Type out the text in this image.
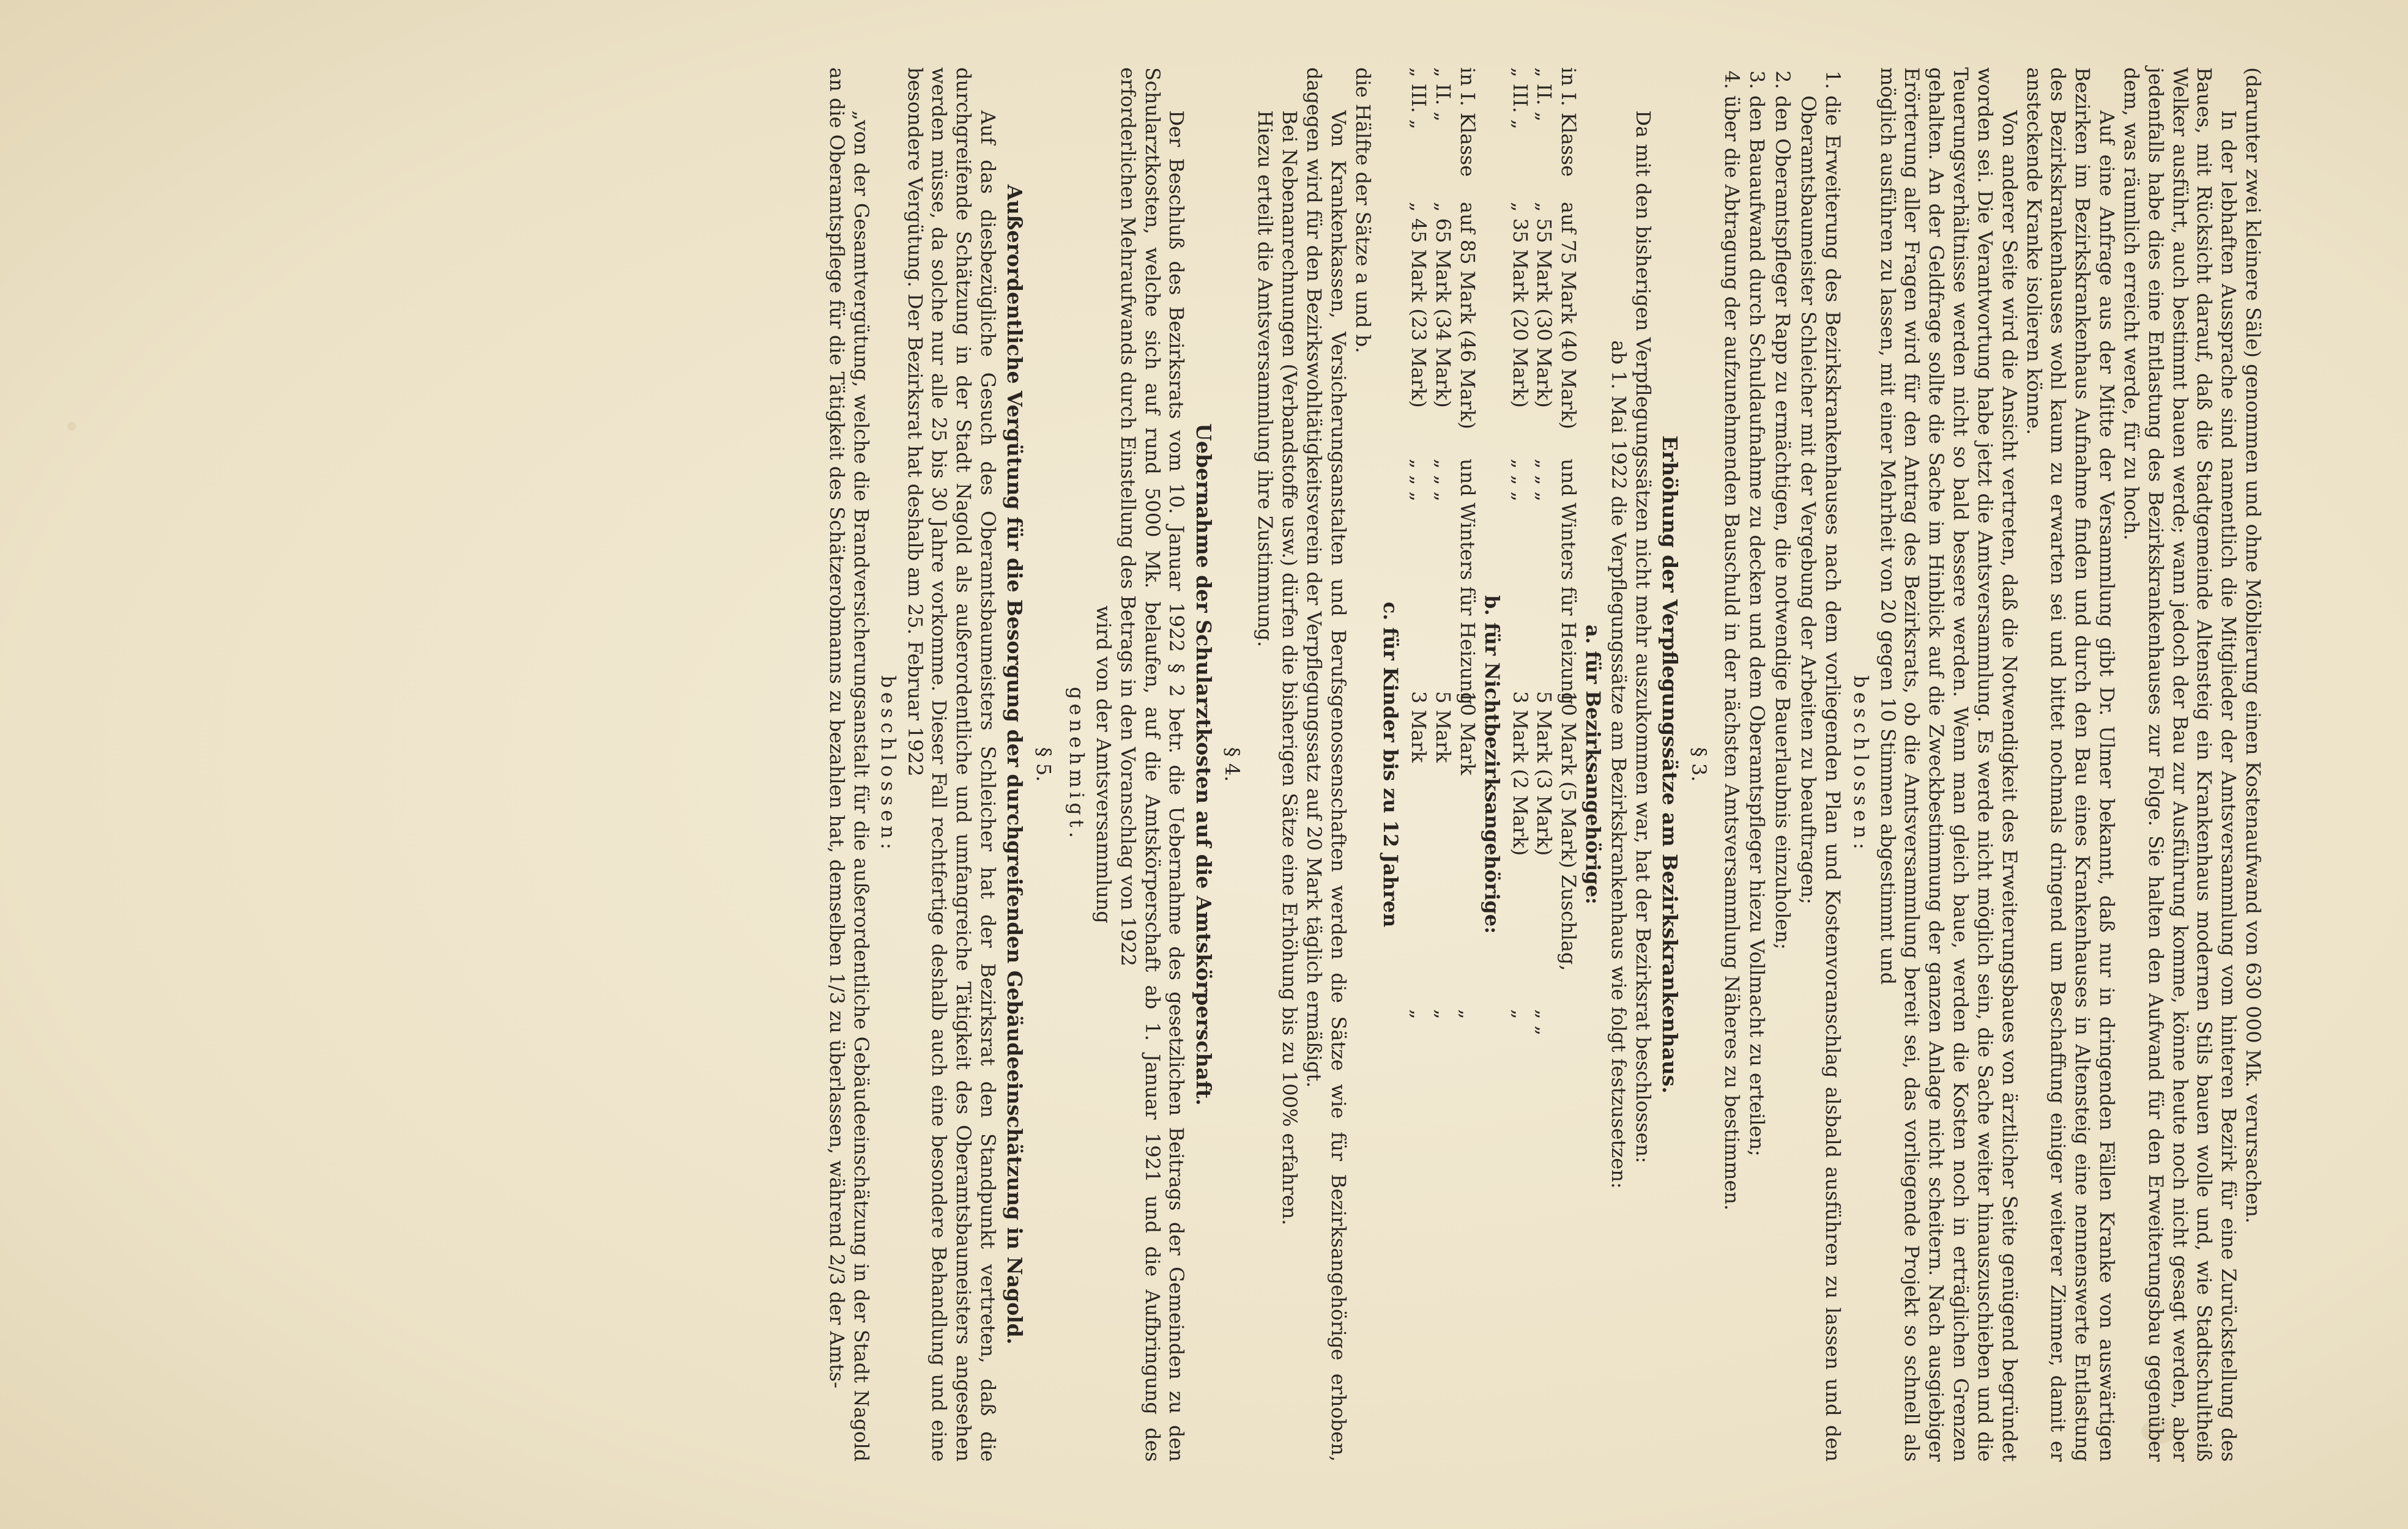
(darunter zwei kleinere Säle) genommen und ohne Möblierung einen Kostenaufwand von 630 000 Mk. verursachen.

In der lebhaften Aussprache sind namentlich die Mitglieder der Amtsversammlung vom hinteren Bezirk für eine Zurückstellung des Baues, mit Rücksicht darauf, daß die Stadtgemeinde Altensteig ein Krankenhaus modernen Stils bauen wolle und, wie Stadtschultheiß Welker ausführt, auch bestimmt bauen werde; wann jedoch der Bau zur Ausführung komme, könne heute noch nicht gesagt werden, aber jedenfalls habe dies eine Entlastung des Bezirkskrankenhauses zur Folge. Sie halten den Aufwand für den Erweiterungsbau gegenüber dem, was räumlich erreicht werde, für zu hoch.

Auf eine Anfrage aus der Mitte der Versammlung gibt Dr. Ulmer bekannt, daß nur in dringenden Fällen Kranke von auswärtigen Bezirken im Bezirkskrankenhaus Aufnahme finden und durch den Bau eines Krankenhauses in Altensteig eine nennenswerte Entlastung des Bezirkskrankenhauses wohl kaum zu erwarten sei und bittet nochmals dringend um Beschaffung einiger weiterer Zimmer, damit er ansteckende Kranke isolieren könne.

Von anderer Seite wird die Ansicht vertreten, daß die Notwendigkeit des Erweiterungsbaues von ärztlicher Seite genügend begründet worden sei. Die Verantwortung habe jetzt die Amtsversammlung. Es werde nicht möglich sein, die Sache weiter hinauszuschieben und die Teuerungsverhältnisse werden nicht so bald bessere werden. Wenn man gleich baue, werden die Kosten noch in erträglichen Grenzen gehalten. An der Geldfrage sollte die Sache im Hinblick auf die Zweckbestimmung der ganzen Anlage nicht scheitern. Nach ausgiebiger Erörterung aller Fragen wird für den Antrag des Bezirksrats, ob die Amtsversammlung bereit sei, das vorliegende Projekt so schnell als möglich ausführen zu lassen, mit einer Mehrheit von 20 gegen 10 Stimmen abgestimmt und

beschlossen:

1. die Erweiterung des Bezirkskrankenhauses nach dem vorliegenden Plan und Kostenvoranschlag alsbald ausführen zu lassen und den Oberamtsbaumeister Schleicher mit der Vergebung der Arbeiten zu beauftragen;
2. den Oberamtspfleger Rapp zu ermächtigen, die notwendige Bauerlaubnis einzuholen;
3. den Bauaufwand durch Schuldaufnahme zu decken und dem Oberamtspfleger hiezu Vollmacht zu erteilen;
4. über die Abtragung der aufzunehmenden Bauschuld in der nächsten Amtsversammlung Näheres zu bestimmen.

§ 3.

Erhöhung der Verpflegungssätze am Bezirkskrankenhaus.

Da mit den bisherigen Verpflegungssätzen nicht mehr auszukommen war, hat der Bezirksrat beschlossen:

ab 1. Mai 1922 die Verpflegungssätze am Bezirkskrankenhaus wie folgt festzusetzen:

a. für Bezirksangehörige:

in I. Klasse
auf 75 Mark (40 Mark)
und Winters für Heizung
10 Mark (5 Mark) Zuschlag,
„ II. „
„ 55 Mark (30 Mark)
„ „ „
5 Mark (3 Mark)
„ „
„ III. „
„ 35 Mark (20 Mark)
„ „ „
3 Mark (2 Mark)
„

b. für Nichtbezirksangehörige:

in I. Klasse
auf 85 Mark (46 Mark)
und Winters für Heizung
10 Mark
„
„ II. „
„ 65 Mark (34 Mark)
„ „ „
5 Mark
„
„ III. „
„ 45 Mark (23 Mark)
„ „ „
3 Mark
„

c. für Kinder bis zu 12 Jahren

die Hälfte der Sätze a und b.

Von Krankenkassen, Versicherungsanstalten und Berufsgenossenschaften werden die Sätze wie für Bezirksangehörige erhoben, dagegen wird für den Bezirkswohltätigkeitsverein der Verpflegungssatz auf 20 Mark täglich ermäßigt.

Bei Nebenanrechnungen (Verbandstoffe usw.) dürfen die bisherigen Sätze eine Erhöhung bis zu 100% erfahren.

Hiezu erteilt die Amtsversammlung ihre Zustimmung.

§ 4.

Uebernahme der Schularztkosten auf die Amtskörperschaft.

Der Beschluß des Bezirksrats vom 10. Januar 1922 § 2 betr. die Uebernahme des gesetzlichen Beitrags der Gemeinden zu den Schularztkosten, welche sich auf rund 5000 Mk. belaufen, auf die Amtskörperschaft ab 1. Januar 1921 und die Aufbringung des erforderlichen Mehraufwands durch Einstellung des Betrags in den Voranschlag von 1922

wird von der Amtsversammlung

genehmigt.

§ 5.

Außerordentliche Vergütung für die Besorgung der durchgreifenden Gebäudeeinschätzung in Nagold.

Auf das diesbezügliche Gesuch des Oberamtsbaumeisters Schleicher hat der Bezirksrat den Standpunkt vertreten, daß die durchgreifende Schätzung in der Stadt Nagold als außerordentliche und umfangreiche Tätigkeit des Oberamtsbaumeisters angesehen werden müsse, da solche nur alle 25 bis 30 Jahre vorkomme. Dieser Fall rechtfertige deshalb auch eine besondere Behandlung und eine besondere Vergütung. Der Bezirksrat hat deshalb am 25. Februar 1922

beschlossen:

„von der Gesamtvergütung, welche die Brandversicherungsanstalt für die außerordentliche Gebäudeeinschätzung in der Stadt Nagold an die Oberamtspflege für die Tätigkeit des Schätzerobmanns zu bezahlen hat, demselben 1/3 zu überlassen, während 2/3 der Amts-
